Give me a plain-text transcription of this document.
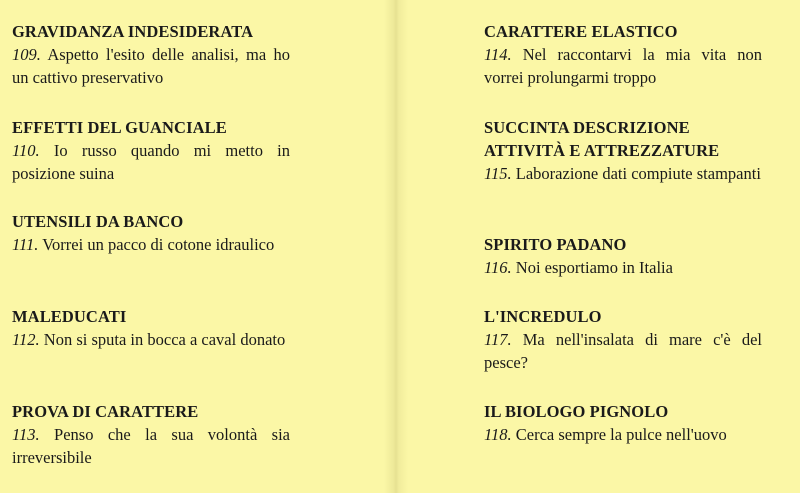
GRAVIDANZA INDESIDERATA
109. Aspetto l'esito delle analisi, ma ho un cattivo preservativo
EFFETTI DEL GUANCIALE
110. Io russo quando mi metto in posizione suina
UTENSILI DA BANCO
111. Vorrei un pacco di cotone idraulico
MALEDUCATI
112. Non si sputa in bocca a caval donato
PROVA DI CARATTERE
113. Penso che la sua volontà sia irreversibile
CARATTERE ELASTICO
114. Nel raccontarvi la mia vita non vorrei prolungarmi troppo
SUCCINTA DESCRIZIONE ATTIVITÀ E ATTREZZATURE
115. Laborazione dati compiute stampanti
SPIRITO PADANO
116. Noi esportiamo in Italia
L'INCREDULO
117. Ma nell'insalata di mare c'è del pesce?
IL BIOLOGO PIGNOLO
118. Cerca sempre la pulce nell'uovo
